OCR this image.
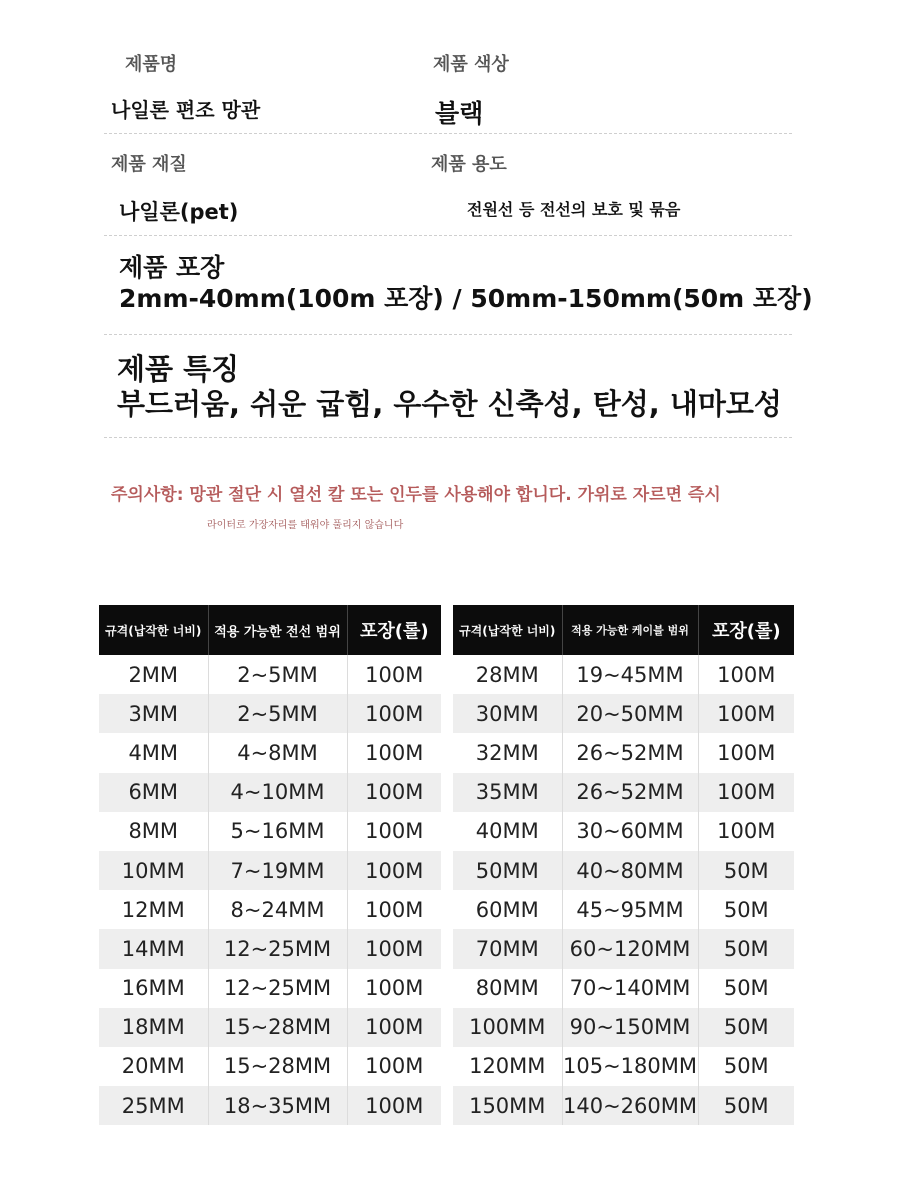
제품명	제품 색상
나일론 편조 망관	블랙
제품 재질	제품 용도
나일론(pet)	전원선 등 전선의 보호 및 묶음
제품 포장
2mm-40mm(100m 포장) / 50mm-150mm(50m 포장)
제품 특징
부드러움, 쉬운 굽힘, 우수한 신축성, 탄성, 내마모성
주의사항: 망관 절단 시 열선 칼 또는 인두를 사용해야 합니다. 가위로 자르면 즉시
라이터로 가장자리를 태워야 풀리지 않습니다
규격(납작한 너비)	적용 가능한 전선 범위	포장(롤)
2MM	2~5MM	100M
3MM	2~5MM	100M
4MM	4~8MM	100M
6MM	4~10MM	100M
8MM	5~16MM	100M
10MM	7~19MM	100M
12MM	8~24MM	100M
14MM	12~25MM	100M
16MM	12~25MM	100M
18MM	15~28MM	100M
20MM	15~28MM	100M
25MM	18~35MM	100M
규격(납작한 너비)	적용 가능한 케이블 범위	포장(롤)
28MM	19~45MM	100M
30MM	20~50MM	100M
32MM	26~52MM	100M
35MM	26~52MM	100M
40MM	30~60MM	100M
50MM	40~80MM	50M
60MM	45~95MM	50M
70MM	60~120MM	50M
80MM	70~140MM	50M
100MM	90~150MM	50M
120MM	105~180MM	50M
150MM	140~260MM	50M
